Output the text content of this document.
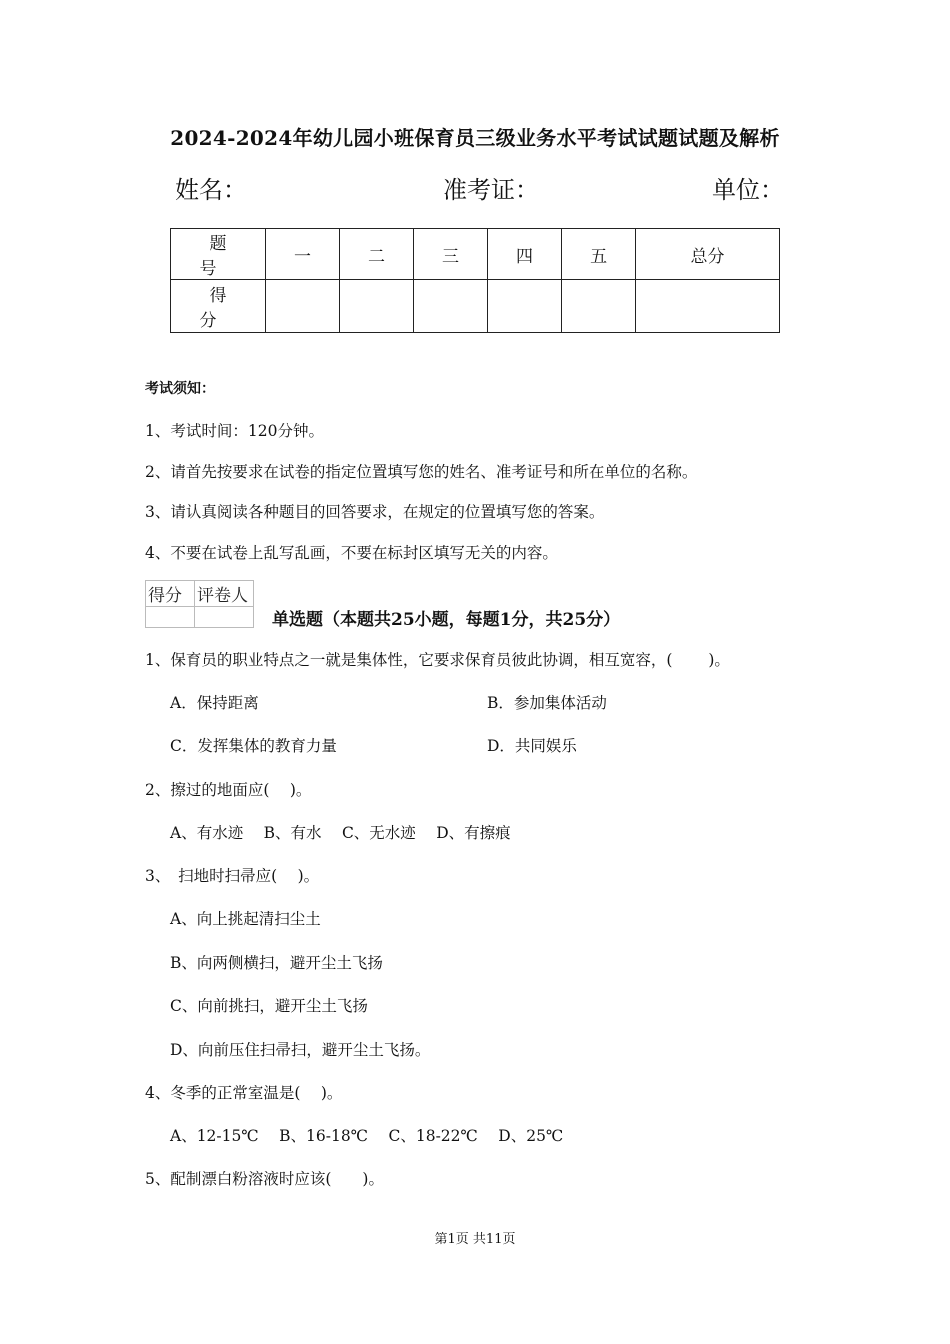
2024-2024年幼儿园小班保育员三级业务水平考试试题试题及解析
姓名：	准考证：	单位：
题　号	一	二	三	四	五	总分
得　分						
考试须知：
1、考试时间：120分钟。
2、请首先按要求在试卷的指定位置填写您的姓名、准考证号和所在单位的名称。
3、请认真阅读各种题目的回答要求，在规定的位置填写您的答案。
4、不要在试卷上乱写乱画，不要在标封区填写无关的内容。
得分	评卷人

单选题（本题共25小题，每题1分，共25分）
1、保育员的职业特点之一就是集体性，它要求保育员彼此协调，相互宽容，(　　 )。
A．保持距离	B．参加集体活动
C．发挥集体的教育力量	D．共同娱乐
2、擦过的地面应(　 )。
A、有水迹　 B、有水　 C、无水迹　 D、有擦痕
3、　扫地时扫帚应(　 )。
A、向上挑起清扫尘土
B、向两侧横扫，避开尘土飞扬
C、向前挑扫，避开尘土飞扬
D、向前压住扫帚扫，避开尘土飞扬。
4、冬季的正常室温是(　 )。
A、12-15℃　 B、16-18℃　 C、18-22℃　 D、25℃
5、配制漂白粉溶液时应该(　　)。
第1页 共11页
